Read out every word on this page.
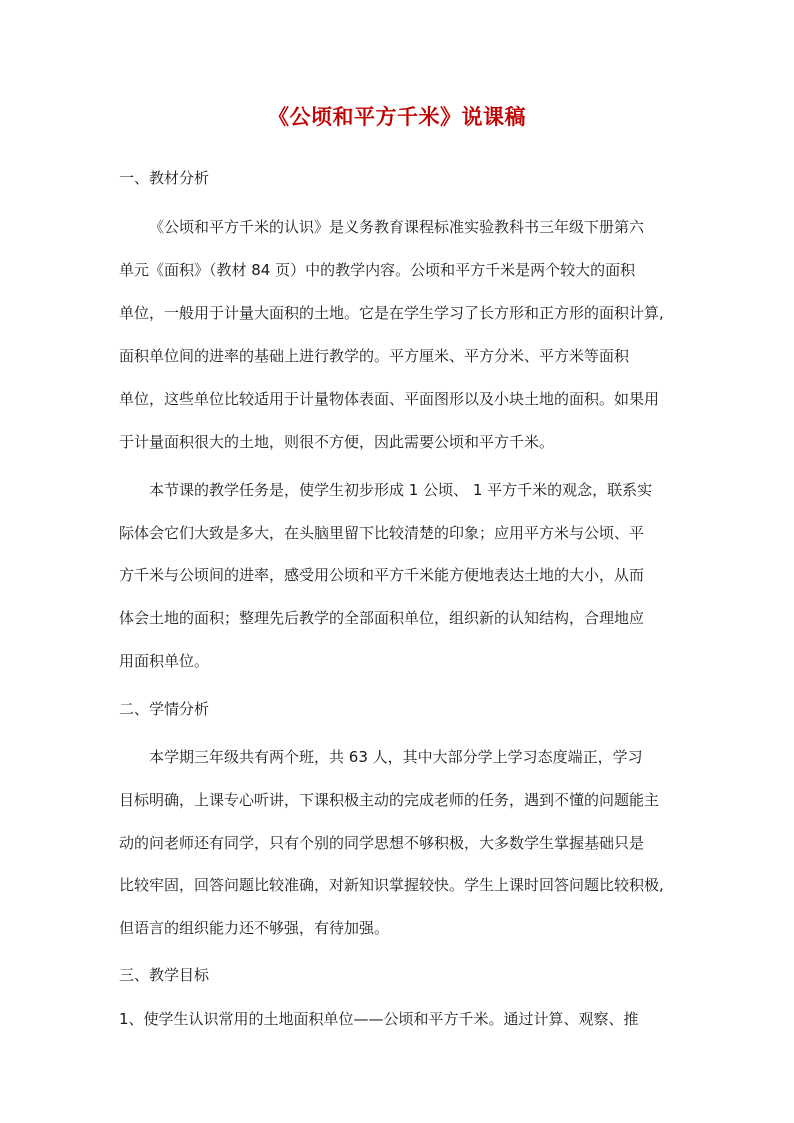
《公顷和平方千米》说课稿
一、教材分析
《公顷和平方千米的认识》是义务教育课程标准实验教科书三年级下册第六
单元《面积》（教材 84 页）中的教学内容。公顷和平方千米是两个较大的面积
单位，一般用于计量大面积的土地。它是在学生学习了长方形和正方形的面积计算,
面积单位间的进率的基础上进行教学的。平方厘米、平方分米、平方米等面积
单位，这些单位比较适用于计量物体表面、平面图形以及小块土地的面积。如果用
于计量面积很大的土地，则很不方便，因此需要公顷和平方千米。
本节课的教学任务是，使学生初步形成 1 公顷、 1 平方千米的观念，联系实
际体会它们大致是多大，在头脑里留下比较清楚的印象；应用平方米与公顷、平
方千米与公顷间的进率，感受用公顷和平方千米能方便地表达土地的大小，从而
体会土地的面积；整理先后教学的全部面积单位，组织新的认知结构，合理地应
用面积单位。
二、学情分析
本学期三年级共有两个班，共 63 人，其中大部分学上学习态度端正，学习
目标明确，上课专心听讲，下课积极主动的完成老师的任务，遇到不懂的问题能主
动的问老师还有同学，只有个别的同学思想不够积极，大多数学生掌握基础只是
比较牢固，回答问题比较准确，对新知识掌握较快。学生上课时回答问题比较积极,
但语言的组织能力还不够强，有待加强。
三、教学目标
1、使学生认识常用的土地面积单位——公顷和平方千米。通过计算、观察、推
